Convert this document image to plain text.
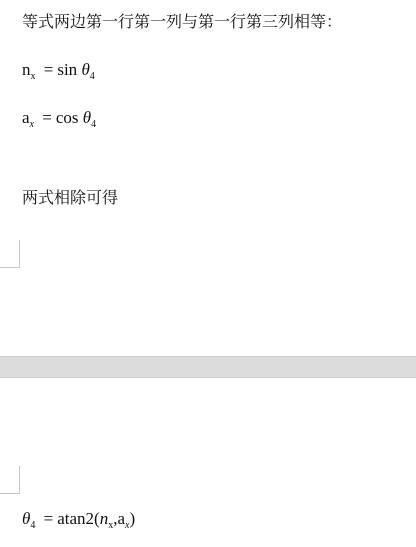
等式两边第一行第一列与第一行第三列相等：
$n_x = \sin \theta_4$
$a_x = \cos \theta_4$
两式相除可得
$\theta_4 = atan2(n_x,a_x)$
